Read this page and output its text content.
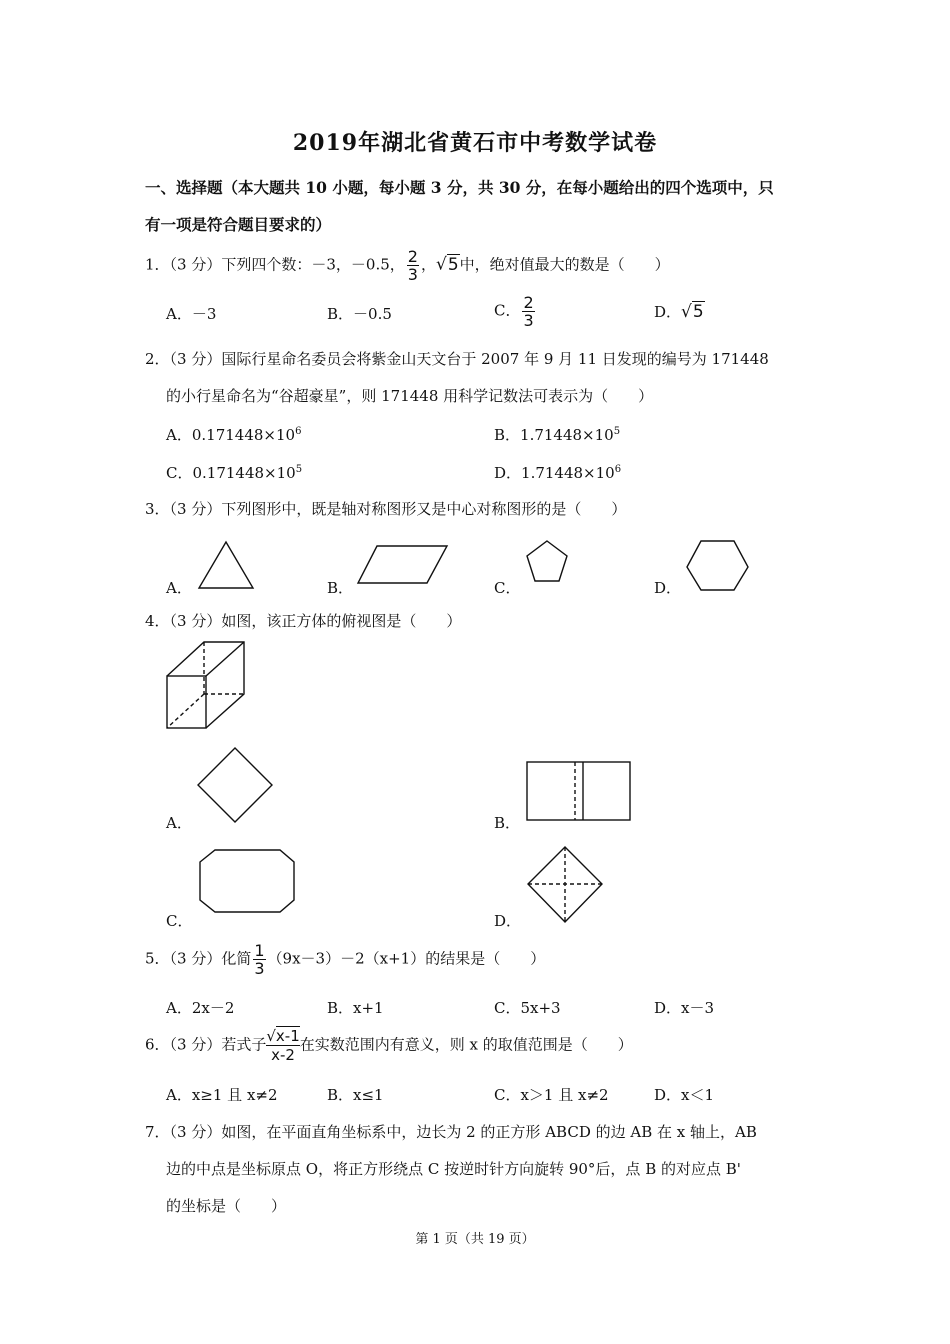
2019年湖北省黄石市中考数学试卷
一、选择题（本大题共 10 小题，每小题 3 分，共 30 分，在每小题给出的四个选项中，只
有一项是符合题目要求的）
1．（3 分）下列四个数：－3，－0.5， $\frac{2}{3}$ ，√5中，绝对值最大的数是（　　）
A．－3	B．－0.5	C． $\frac{2}{3}$	D．√5
2．（3 分）国际行星命名委员会将紫金山天文台于 2007 年 9 月 11 日发现的编号为 171448
的小行星命名为“谷超豪星”，则 171448 用科学记数法可表示为（　　）
A．$0.171448\times 10^6$	B．$1.71448\times 10^5$
C．$0.171448\times 10^5$	D．$1.71448\times 10^6$
3．（3 分）下列图形中，既是轴对称图形又是中心对称图形的是（　　）
A．	B．	C．	D．
4．（3 分）如图，该正方体的俯视图是（　　）
A．	B．
C．	D．
5．（3 分）化简 $\frac{1}{3} (9x-3)-2(x+1)$的结果是（　　）
A．2x－2	B．x+1	C．5x+3	D．x－3
6．（3 分）若式子 $\frac{√x-1}{x-2}$在实数范围内有意义，则 x 的取值范围是（　　）
A．x≥1 且 x≠2	B．x≤1	C．x＞1 且 x≠2	D．x＜1
7．（3 分）如图，在平面直角坐标系中，边长为 2 的正方形 ABCD 的边 AB 在 x 轴上，AB
边的中点是坐标原点 O，将正方形绕点 C 按逆时针方向旋转 90°后，点 B 的对应点 B'
的坐标是（　　）
第 1 页（共 19 页）
